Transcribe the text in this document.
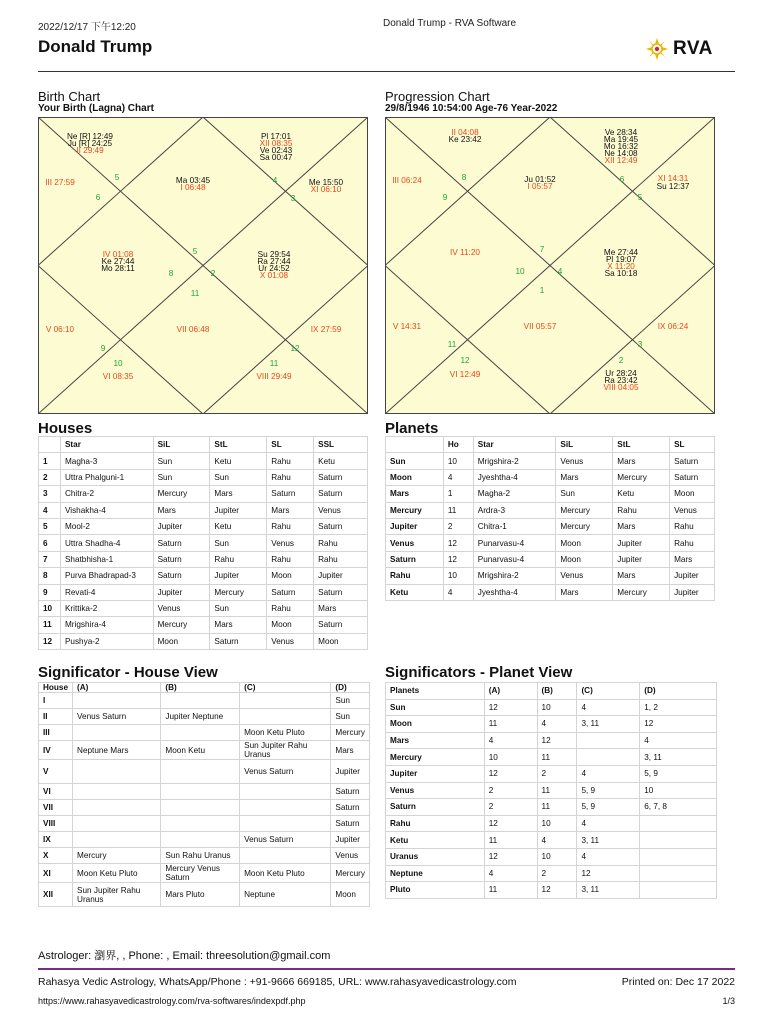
2022/12/17 下午12:20	Donald Trump - RVA Software
Donald Trump	RVA
Birth Chart
Your Birth (Lagna) Chart
Ne [R] 12:49
Ju [R] 24:25
II 29:49
Pl 17:01
XII 08:35
Ve 02:43
Sa 00:47
III 27:59
5
6
Ma 03:45
I 06:48
4
3
Me 15:50
XI 06:10
IV 01:08
Ke 27:44
Mo 28:11
5
8	2
11
Su 29:54
Ra 27:44
Ur 24:52
X 01:08
V 06:10	VII 06:48	IX 27:59
9
10
12
11
VI 08:35	VIII 29:49
Progression Chart
29/8/1946 10:54:00 Age-76 Year-2022
II 04:08
Ke 23:42
Ve 28:34
Ma 19:45
Mo 16:32
Ne 14:08
XII 12:49
III 06:24	8
9
Ju 01:52
I 05:57
6
5
XI 14:31
Su 12:37
IV 11:20	7
10	4
1
Me 27:44
Pl 19:07
X 11:20
Sa 10:18
V 14:31	VII 05:57	IX 06:24
11
12
3
2
VI 12:49	Ur 28:24
Ra 23:42
VIII 04:05
Houses
	Star	SiL	StL	SL	SSL
1	Magha-3	Sun	Ketu	Rahu	Ketu
2	Uttra Phalguni-1	Sun	Sun	Rahu	Saturn
3	Chitra-2	Mercury	Mars	Saturn	Saturn
4	Vishakha-4	Mars	Jupiter	Mars	Venus
5	Mool-2	Jupiter	Ketu	Rahu	Saturn
6	Uttra Shadha-4	Saturn	Sun	Venus	Rahu
7	Shatbhisha-1	Saturn	Rahu	Rahu	Rahu
8	Purva Bhadrapad-3	Saturn	Jupiter	Moon	Jupiter
9	Revati-4	Jupiter	Mercury	Saturn	Saturn
10	Krittika-2	Venus	Sun	Rahu	Mars
11	Mrigshira-4	Mercury	Mars	Moon	Saturn
12	Pushya-2	Moon	Saturn	Venus	Moon
Planets
	Ho	Star	SiL	StL	SL
Sun	10	Mrigshira-2	Venus	Mars	Saturn
Moon	4	Jyeshtha-4	Mars	Mercury	Saturn
Mars	1	Magha-2	Sun	Ketu	Moon
Mercury	11	Ardra-3	Mercury	Rahu	Venus
Jupiter	2	Chitra-1	Mercury	Mars	Rahu
Venus	12	Punarvasu-4	Moon	Jupiter	Rahu
Saturn	12	Punarvasu-4	Moon	Jupiter	Mars
Rahu	10	Mrigshira-2	Venus	Mars	Jupiter
Ketu	4	Jyeshtha-4	Mars	Mercury	Jupiter
Significator - House View
House	(A)	(B)	(C)	(D)
I				Sun
II	Venus Saturn	Jupiter Neptune		Sun
III			Moon Ketu Pluto	Mercury
IV	Neptune Mars	Moon Ketu	Sun Jupiter Rahu Uranus	Mars
V			Venus Saturn	Jupiter
VI				Saturn
VII				Saturn
VIII				Saturn
IX			Venus Saturn	Jupiter
X	Mercury	Sun Rahu Uranus		Venus
XI	Moon Ketu Pluto	Mercury Venus Saturn	Moon Ketu Pluto	Mercury
XII	Sun Jupiter Rahu Uranus	Mars Pluto	Neptune	Moon
Significators - Planet View
Planets	(A)	(B)	(C)	(D)
Sun	12	10	4	1, 2
Moon	11	4	3, 11	12
Mars	4	12		4
Mercury	10	11		3, 11
Jupiter	12	2	4	5, 9
Venus	2	11	5, 9	10
Saturn	2	11	5, 9	6, 7, 8
Rahu	12	10	4	
Ketu	11	4	3, 11	
Uranus	12	10	4	
Neptune	4	2	12	
Pluto	11	12	3, 11	
Astrologer: 瀏界, , Phone: , Email: threesolution@gmail.com
Rahasya Vedic Astrology, WhatsApp/Phone : +91-9666 669185, URL: www.rahasyavedicastrology.com	Printed on: Dec 17 2022
https://www.rahasyavedicastrology.com/rva-softwares/indexpdf.php	1/3
